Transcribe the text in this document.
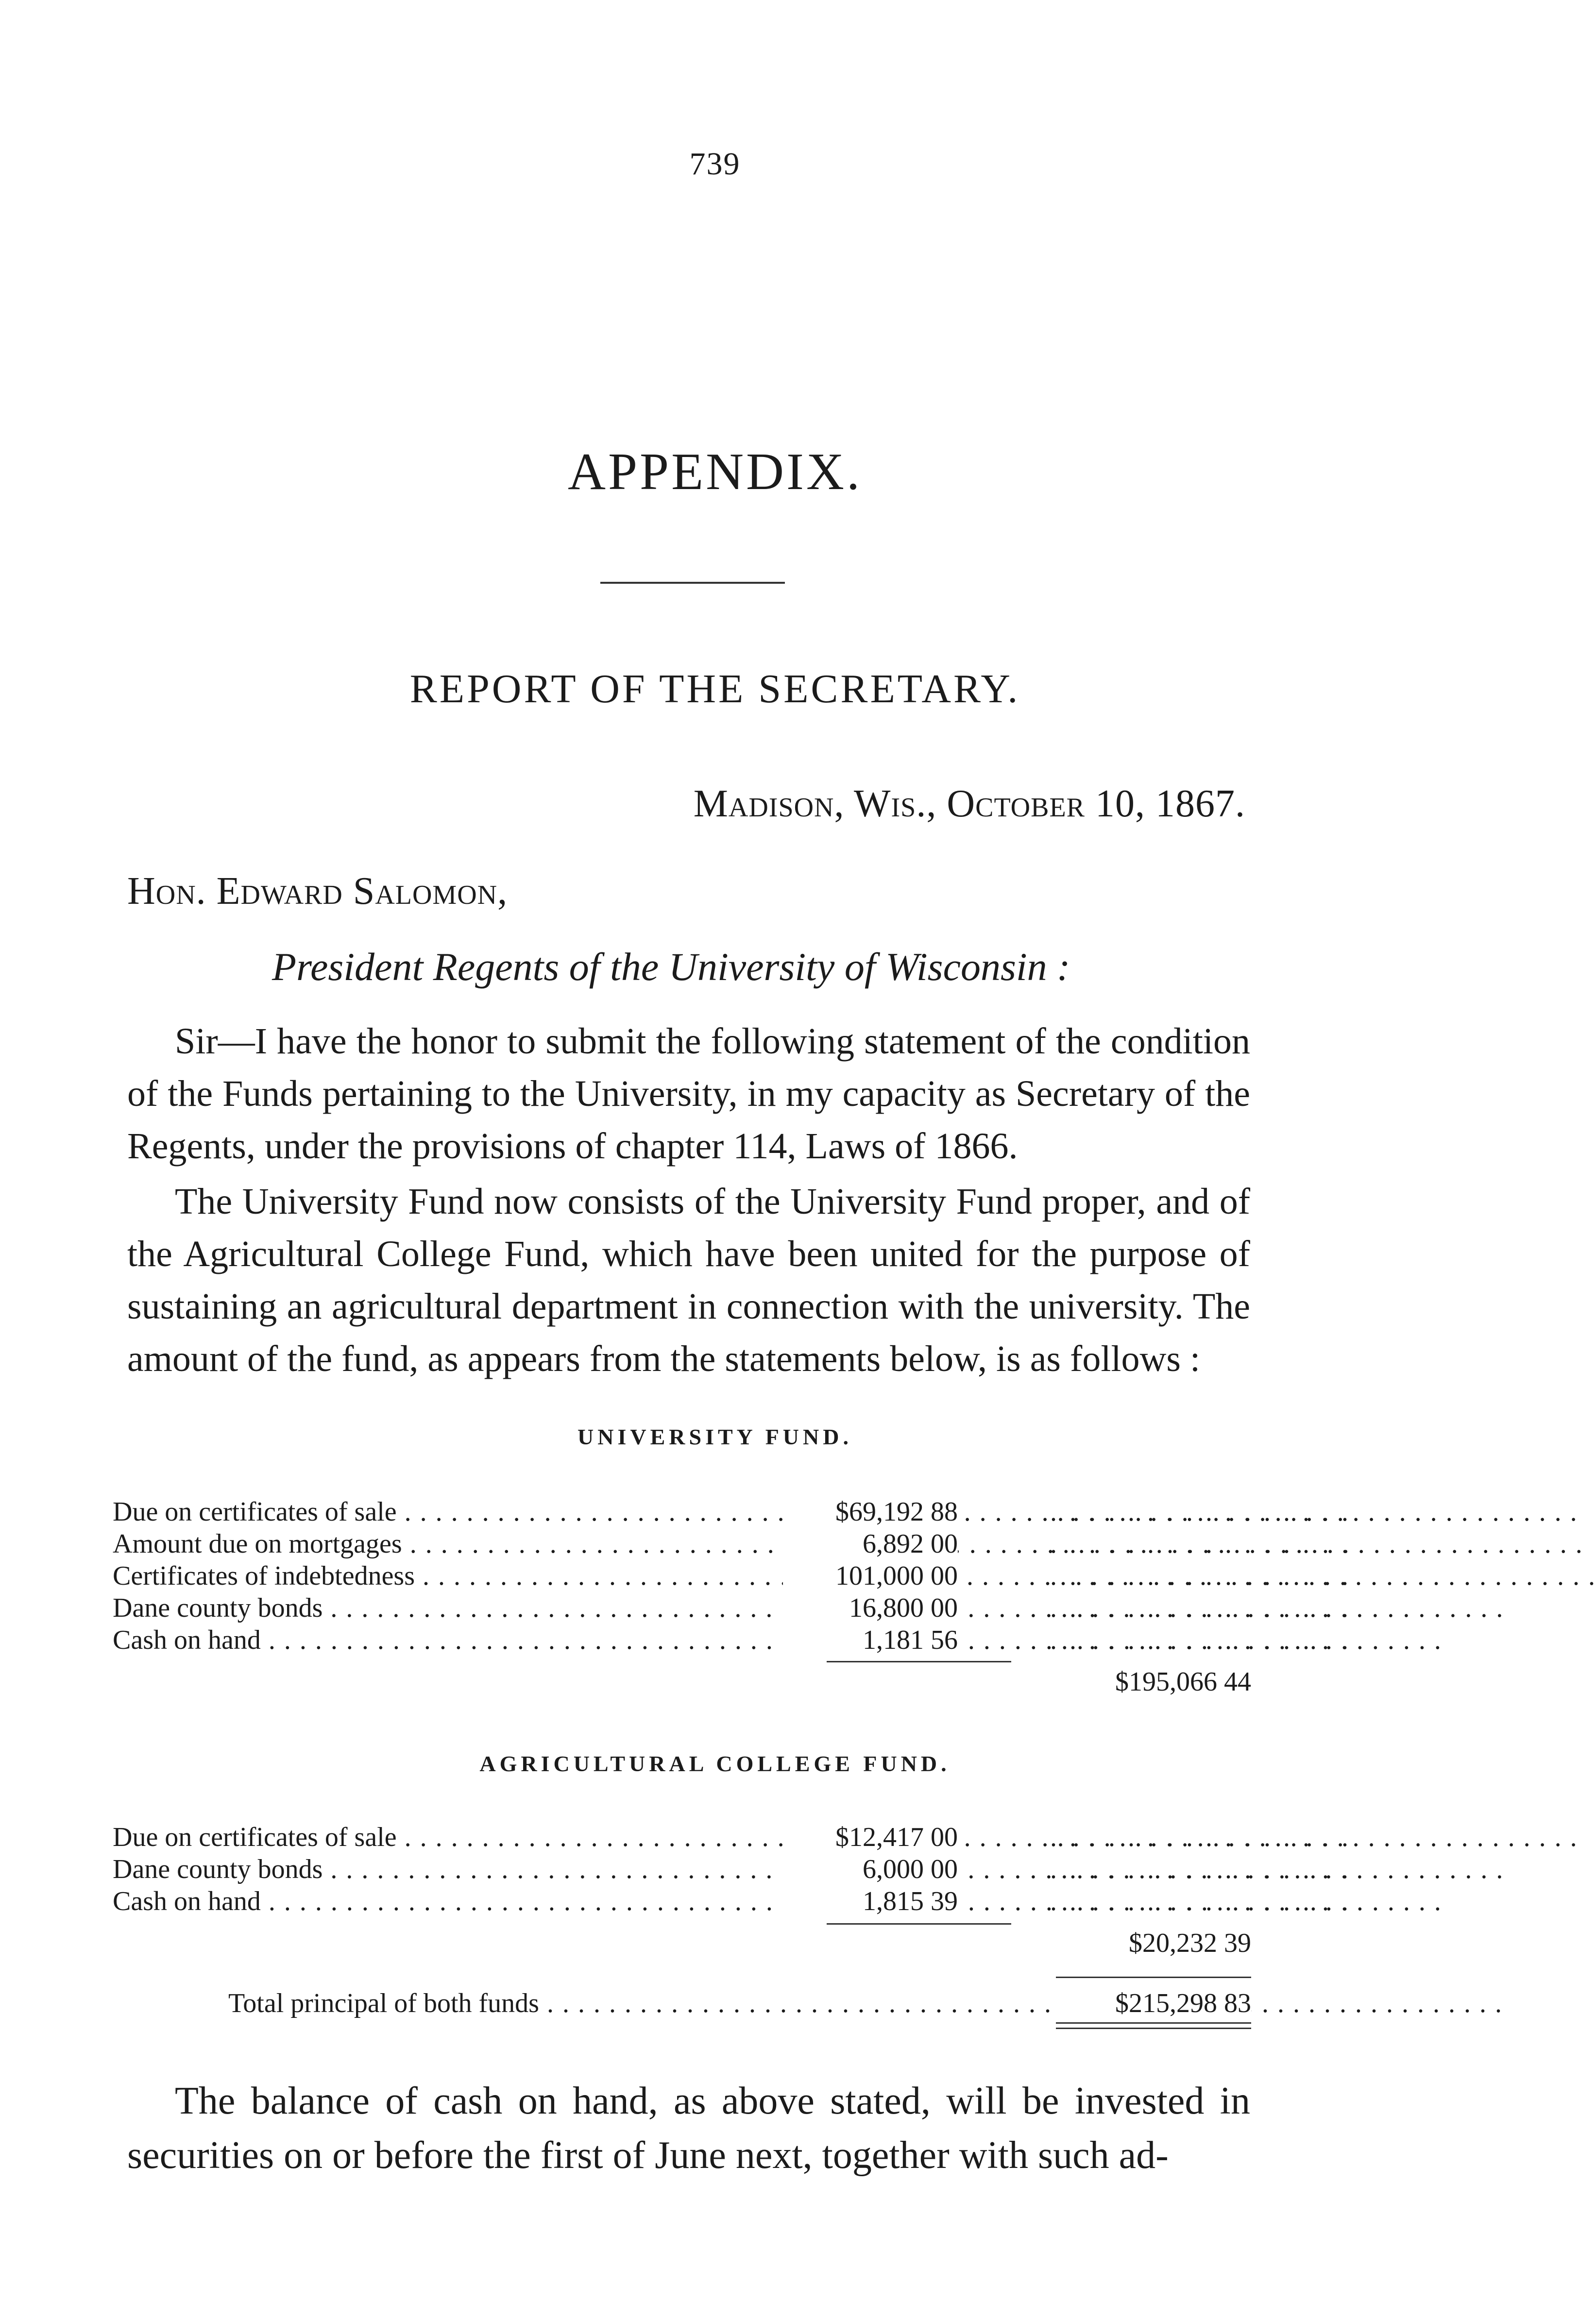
739
APPENDIX.
REPORT OF THE SECRETARY.
Madison, Wis., October 10, 1867.
Hon. Edward Salomon,
President Regents of the University of Wisconsin :

Sir—I have the honor to submit the following statement of the condition of the Funds pertaining to the University, in my capacity as Secretary of the Regents, under the provisions of chapter 114, Laws of 1866.

The University Fund now consists of the University Fund proper, and of the Agricultural College Fund, which have been united for the purpose of sustaining an agricultural department in connection with the university. The amount of the fund, as appears from the statements below, is as follows :

UNIVERSITY FUND.
Due on certificates of sale . . .	$69,192 88	. . . . . . . . . . . . . . . .
Amount due on mortgages . . .	6,892 00	. . . . . . . . . . . . . . . .
Certificates of indebtedness . . .	101,000 00	. . . . . . . . . . . . . . . .
Dane county bonds . . .	16,800 00	. . . . . . . . . . . . . . . .
Cash on hand . . .	1,181 56	. . . . . . . . . . . . . . . .
$195,066 44
AGRICULTURAL COLLEGE FUND.
Due on certificates of sale . . .	$12,417 00	. . . . . . . . . . . . . . . .
Dane county bonds . . .	6,000 00	. . . . . . . . . . . . . . . .
Cash on hand . . .	1,815 39	. . . . . . . . . . . . . . . .
$20,232 39
Total principal of both funds . . .	$215,298 83

The balance of cash on hand, as above stated, will be invested in securities on or before the first of June next, together with such ad-
